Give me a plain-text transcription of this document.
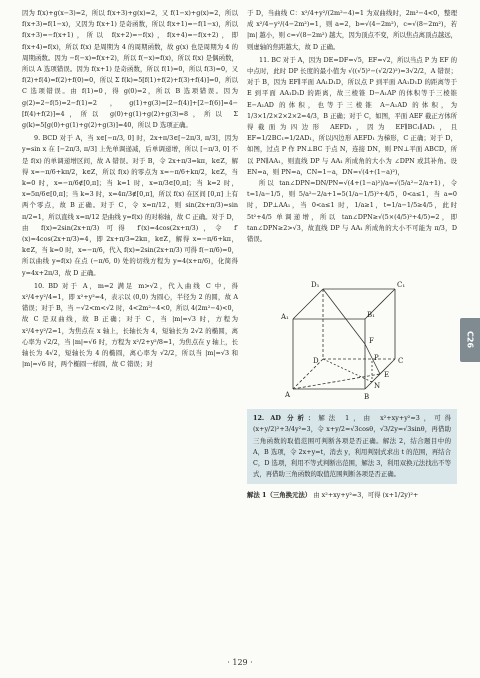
因为 f(x)+g(x−3)=2，所以 f(x+3)+g(x)=2，又 f(1−x)+g(x)=2，所以 f(x+3)=f(1−x)，又因为 f(x+1) 是奇函数，所以 f(x+1)=−f(1−x)，所以 f(x+3)=−f(x+1)，所以 f(x+2)=−f(x)，f(x+4)=−f(x+2)，即 f(x+4)=f(x)，所以 f(x) 是周期为 4 的周期函数，故 g(x) 也是周期为 4 的周期函数。因为 −f(−x)=f(x+2)，所以 f(−x)=f(x)，所以 f(x) 是偶函数，所以 A 选项错误。因为 f(x+1) 是奇函数，所以 f(1)=0，所以 f(3)=0，又 f(2)+f(4)=f(2)+f(0)=0，所以 Σ f(k)=5[f(1)+f(2)+f(3)+f(4)]=0，所以 C 选项错误。由 f(1)=0，得 g(0)=2，所以 B 选项错误。因为 g(2)=2−f(5)=2−f(1)=2，g(1)+g(3)=[2−f(4)]+[2−f(6)]=4−[f(4)+f(2)]=4，所以 g(0)+g(1)+g(2)+g(3)=8，所以 Σ g(k)=5[g(0)+g(1)+g(2)+g(3)]=40，所以 D 选项正确。

9. BCD 对于 A，当 x∈[−π/3, 0] 时，2x+π/3∈[−2π/3, π/3]，因为 y=sin x 在 [−2π/3, π/3] 上先单调递减，后单调递增，所以 [−π/3, 0] 不是 f(x) 的单调递增区间，故 A 错误。对于 B，令 2x+π/3=kπ，k∈Z，解得 x=−π/6+kπ/2，k∈Z，所以 f(x) 的零点为 x=−π/6+kπ/2，k∈Z，当 k=0 时，x=−π/6∉[0,π]；当 k=1 时，x=π/3∈[0,π]；当 k=2 时，x=5π/6∈[0,π]；当 k=3 时，x=4π/3∉[0,π]，所以 f(x) 在区间 [0,π] 上有两个零点，故 B 正确。对于 C，令 x=π/12，则 sin(2x+π/3)=sin π/2=1，所以直线 x=π/12 是曲线 y=f(x) 的对称轴，故 C 正确。对于 D，由 f(x)=2sin(2x+π/3) 可得 f′(x)=4cos(2x+π/3)，令 f′(x)=4cos(2x+π/3)=4，即 2x+π/3=2kπ，k∈Z，解得 x=−π/6+kπ，k∈Z，当 k=0 时，x=−π/6，代入 f(x)=2sin(2x+π/3) 可得 f(−π/6)=0，所以曲线 y=f(x) 在点 (−π/6, 0) 处的切线方程为 y=4(x+π/6)，化简得 y=4x+2π/3，故 D 正确。

10. BD 对于 A，m=2 满足 m>√2，代入曲线 C 中，得 x²/4+y²/4=1，即 x²+y²=4，表示以 (0,0) 为圆心，半径为 2 的圆，故 A 错误；对于 B，当 −√2<m<√2 时，4<2m²−4<0，所以 4(2m²−4)<0，故 C 是双曲线，故 B 正确；对于 C，当 |m|=√3 时，方程为 x²/4+y²/2=1，为焦点在 x 轴上，长轴长为 4，短轴长为 2√2 的椭圆，离心率为 √2/2，当 |m|=√6 时，方程为 x²/2+y²/8=1，为焦点在 y 轴上，长轴长为 4√2，短轴长为 4 的椭圆，离心率为 √2/2，所以当 |m|=√3 和 |m|=√6 时，两个椭圆一样圆，故 C 错误；对

于 D，当曲线 C：x²/4+y²/(2m²−4)=1 为双曲线时，2m²−4<0，整理成 x²/4−y²/(4−2m²)=1，则 a=2，b=√(4−2m²)，c=√(8−2m²)，若 |m| 越小，则 c=√(8−2m²) 越大，因为顶点不变，所以焦点离顶点越远，则虚轴的焦距越大，故 D 正确。

11. BC 对于 A，因为 DE=DF=√5，EF=√2，所以当点 P 为 EF 的中点时，此时 DP 长度的最小值为 √((√5)²−(√2/2)²)=3√2/2，A 错误；对于 B，因为 EF∥平面 AA₁D₁D，所以点 P 到平面 AA₁D₁D 的距离等于 E 到平面 AA₁D₁D 的距离，故三棱锥 D−A₁AP 的体积等于三棱锥 E−A₁AD 的体积，也等于三棱锥 A−A₁AD 的体积，为 1/3×1/2×2×2×2=4/3，B 正确；对于 C，如图，平面 AEF 截正方体所得截面为四边形 AEFD₁，因为 EF∥BC₁∥AD₁，且 EF=1/2BC₁=1/2AD₁，所以四边形 AEFD₁ 为梯形，C 正确；对于 D，如图，过点 P 作 PN⊥BC 于点 N，连接 DN，则 PN⊥平面 ABCD，所以 PN∥AA₁，则直线 DP 与 AA₁ 所成角的大小为 ∠DPN 或其补角。设 EN=a，则 PN=a，CN=1−a，DN=√(4+(1−a)²)，

所以 tan∠DPN=DN/PN=√(4+(1−a)²)/a=√(5/a²−2/a+1)，令 t=1/a−1/5，则 5/a²−2/a+1=5(1/a−1/5)²+4/5，0<a≤1，当 a=0 时，DP⊥AA₁，当 0<a≤1 时，1/a≥1，t=1/a−1/5≥4/5，此时 5t²+4/5 单调递增，所以 tan∠DPN≥√(5×(4/5)²+4/5)=2，即 tan∠DPN≥2>√3，故直线 DP 与 AA₁ 所成角的大小不可能为 π/3，D 错误。

D₁	C₁
A₁	B₁
D	C
A	B
E
F
P
N

12. AD 分析：解法 1，由 x²+xy+y²=3，可得 (x+y/2)²+3/4y²=3，令 x+y/2=√3cosθ，√3/2y=√3sinθ，再借助三角函数的取值范围可判断各项是否正确。解法 2，结合题目中的 A，B 选项，令 2x+y=t，消去 y，利用判别式求出 t 的范围，再结合 C，D 选项，利用不等式判断出范围，解法 3，利用双换元法找出不等式，再借助三角函数的取值范围判断各项是否正确。

解法 1（三角换元法） 由 x²+xy+y²=3，可得 (x+1/2y)²+

C26
· 129 ·
